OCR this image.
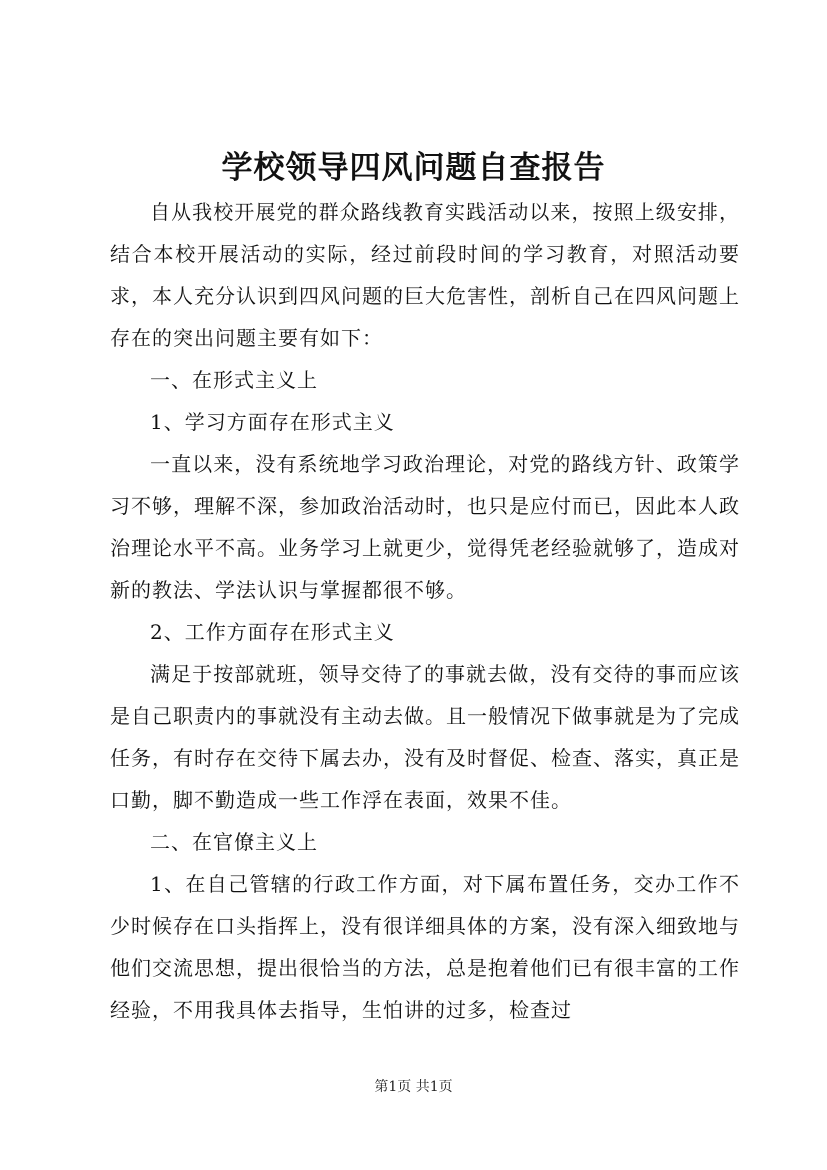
学校领导四风问题自查报告

自从我校开展党的群众路线教育实践活动以来，按照上级安排，结合本校开展活动的实际，经过前段时间的学习教育，对照活动要求，本人充分认识到四风问题的巨大危害性，剖析自己在四风问题上存在的突出问题主要有如下：

一、在形式主义上

1、学习方面存在形式主义

一直以来，没有系统地学习政治理论，对党的路线方针、政策学习不够，理解不深，参加政治活动时，也只是应付而已，因此本人政治理论水平不高。业务学习上就更少，觉得凭老经验就够了，造成对新的教法、学法认识与掌握都很不够。

2、工作方面存在形式主义

满足于按部就班，领导交待了的事就去做，没有交待的事而应该是自己职责内的事就没有主动去做。且一般情况下做事就是为了完成任务，有时存在交待下属去办，没有及时督促、检查、落实，真正是口勤，脚不勤造成一些工作浮在表面，效果不佳。

二、在官僚主义上

1、在自己管辖的行政工作方面，对下属布置任务，交办工作不少时候存在口头指挥上，没有很详细具体的方案，没有深入细致地与他们交流思想，提出很恰当的方法，总是抱着他们已有很丰富的工作经验，不用我具体去指导，生怕讲的过多，检查过

第1页 共1页
